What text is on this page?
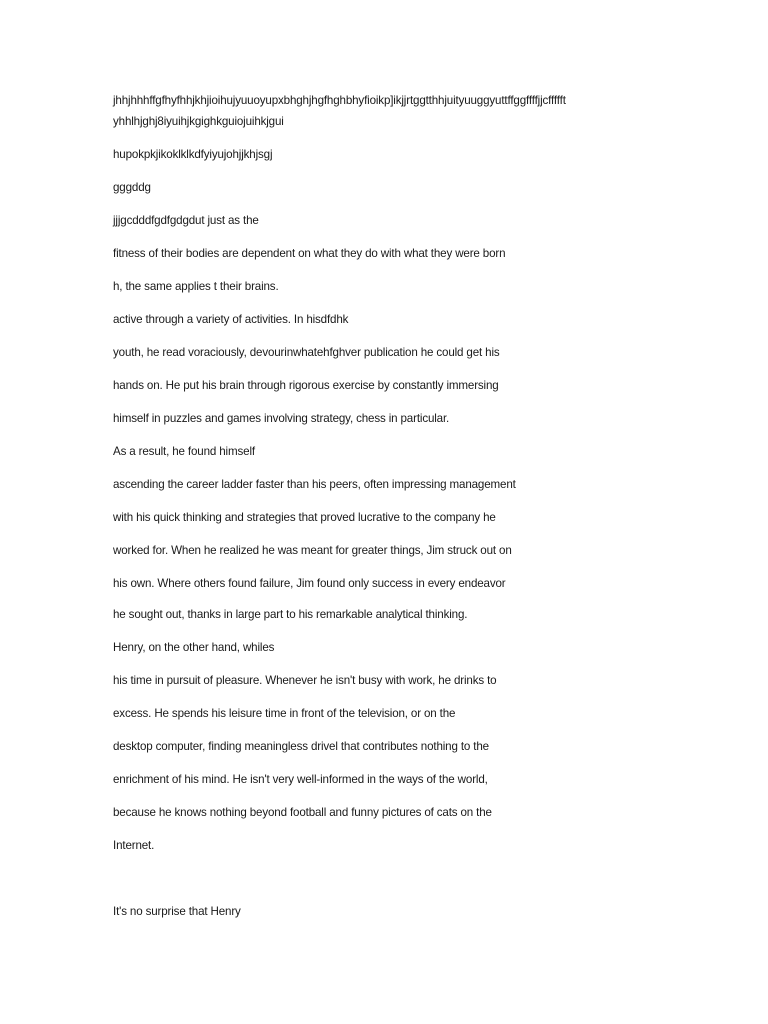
jhhjhhhffgfhyfhhjkhjioihujyuuoyupxbhghjhgfhghbhyfioikp]ikjjrtggtthhjuityuuggyuttffggffffjjcffffft
yhhlhjghj8iyuihjkgighkguiojuihkjgui
hupokpkjikoklklkdfyiyujohjjkhjsgj
gggddg
jjjgcdddfgdfgdgdut just as the
fitness of their bodies are dependent on what they do with what they were born
h, the same applies t their brains.
active through a variety of activities. In hisdfdhk
youth, he read voraciously, devourinwhatehfghver publication he could get his
hands on. He put his brain through rigorous exercise by constantly immersing
himself in puzzles and games involving strategy, chess in particular.
As a result, he found himself
ascending the career ladder faster than his peers, often impressing management
with his quick thinking and strategies that proved lucrative to the company he
worked for. When he realized he was meant for greater things, Jim struck out on
his own. Where others found failure, Jim found only success in every endeavor
he sought out, thanks in large part to his remarkable analytical thinking.
Henry, on the other hand, whiles
his time in pursuit of pleasure. Whenever he isn't busy with work, he drinks to
excess. He spends his leisure time in front of the television, or on the
desktop computer, finding meaningless drivel that contributes nothing to the
enrichment of his mind. He isn't very well-informed in the ways of the world,
because he knows nothing beyond football and funny pictures of cats on the
Internet.
It's no surprise that Henry
